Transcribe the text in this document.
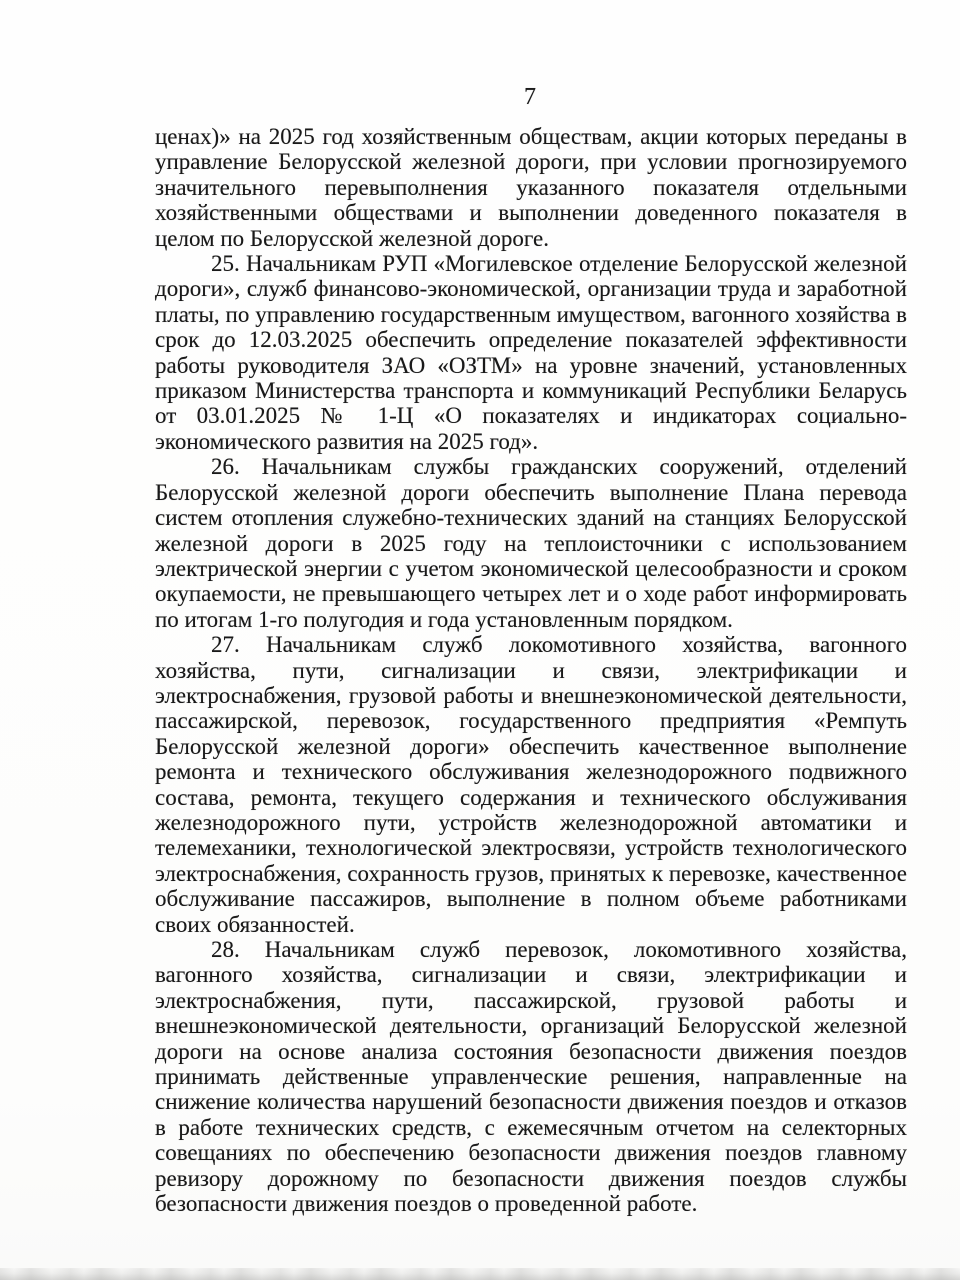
7

ценах)» на 2025 год хозяйственным обществам, акции которых переданы в управление Белорусской железной дороги, при условии прогнозируемого значительного перевыполнения указанного показателя отдельными хозяйственными обществами и выполнении доведенного показателя в целом по Белорусской железной дороге.

25. Начальникам РУП «Могилевское отделение Белорусской железной дороги», служб финансово-экономической, организации труда и заработной платы, по управлению государственным имуществом, вагонного хозяйства в срок до 12.03.2025 обеспечить определение показателей эффективности работы руководителя ЗАО «ОЗТМ» на уровне значений, установленных приказом Министерства транспорта и коммуникаций Республики Беларусь от 03.01.2025 № 1-Ц «О показателях и индикаторах социально-экономического развития на 2025 год».

26. Начальникам службы гражданских сооружений, отделений Белорусской железной дороги обеспечить выполнение Плана перевода систем отопления служебно-технических зданий на станциях Белорусской железной дороги в 2025 году на теплоисточники с использованием электрической энергии с учетом экономической целесообразности и сроком окупаемости, не превышающего четырех лет и о ходе работ информировать по итогам 1-го полугодия и года установленным порядком.

27. Начальникам служб локомотивного хозяйства, вагонного хозяйства, пути, сигнализации и связи, электрификации и электроснабжения, грузовой работы и внешнеэкономической деятельности, пассажирской, перевозок, государственного предприятия «Ремпуть Белорусской железной дороги» обеспечить качественное выполнение ремонта и технического обслуживания железнодорожного подвижного состава, ремонта, текущего содержания и технического обслуживания железнодорожного пути, устройств железнодорожной автоматики и телемеханики, технологической электросвязи, устройств технологического электроснабжения, сохранность грузов, принятых к перевозке, качественное обслуживание пассажиров, выполнение в полном объеме работниками своих обязанностей.

28. Начальникам служб перевозок, локомотивного хозяйства, вагонного хозяйства, сигнализации и связи, электрификации и электроснабжения, пути, пассажирской, грузовой работы и внешнеэкономической деятельности, организаций Белорусской железной дороги на основе анализа состояния безопасности движения поездов принимать действенные управленческие решения, направленные на снижение количества нарушений безопасности движения поездов и отказов в работе технических средств, с ежемесячным отчетом на селекторных совещаниях по обеспечению безопасности движения поездов главному ревизору дорожному по безопасности движения поездов службы безопасности движения поездов о проведенной работе.
